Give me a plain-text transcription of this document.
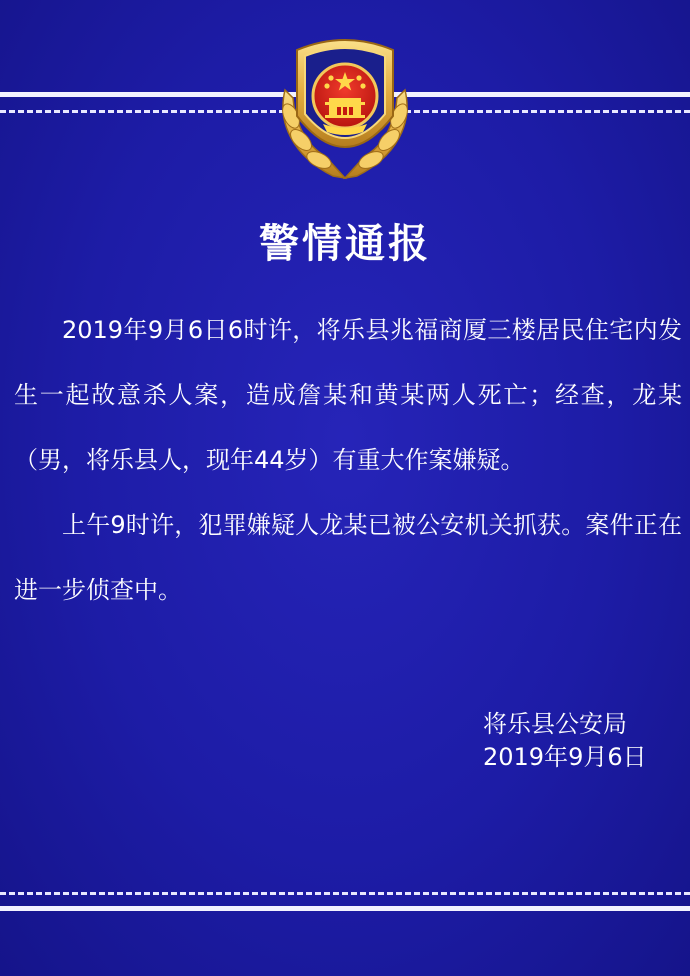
警情通报

2019年9月6日6时许，将乐县兆福商厦三楼居民住宅内发生一起故意杀人案，造成詹某和黄某两人死亡；经查，龙某（男，将乐县人，现年44岁）有重大作案嫌疑。

上午9时许，犯罪嫌疑人龙某已被公安机关抓获。案件正在进一步侦查中。

将乐县公安局
2019年9月6日
